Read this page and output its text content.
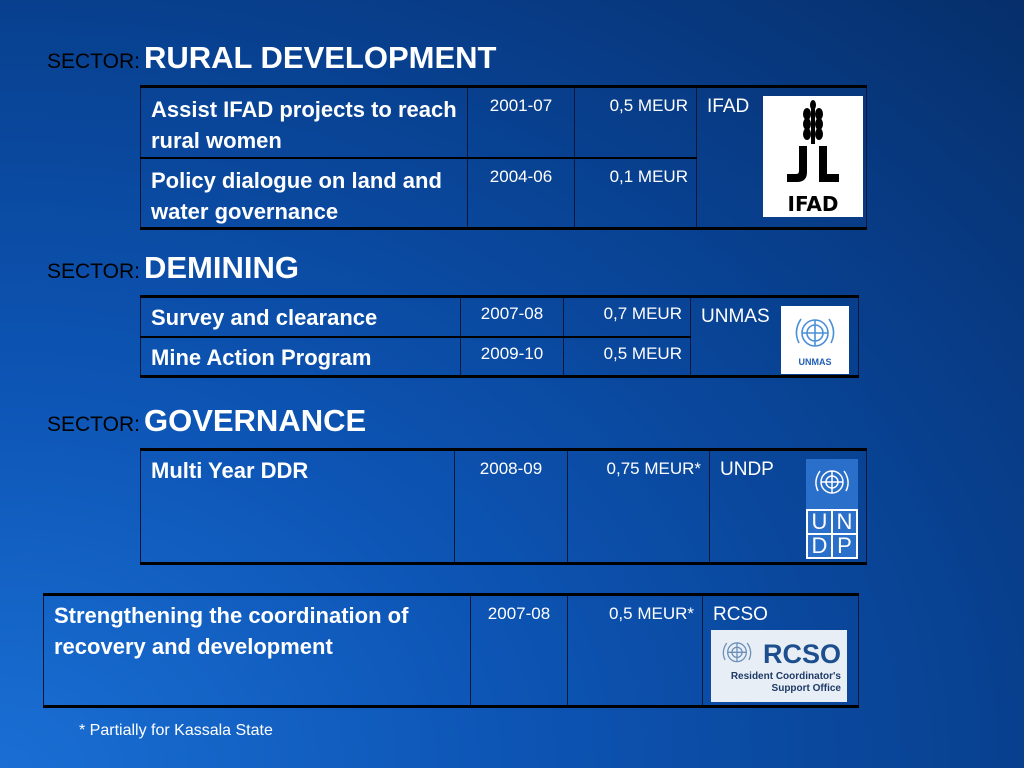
SECTOR: RURAL DEVELOPMENT
Assist IFAD projects to reach rural women	2001-07	0,5 MEUR	IFAD
IFAD

Policy dialogue on land and water governance	2004-06	0,1 MEUR	
SECTOR: DEMINING
Survey and clearance	2007-08	0,7 MEUR	UNMAS
UNMAS

Mine Action Program	2009-10	0,5 MEUR	
SECTOR: GOVERNANCE
Multi Year DDR	2008-09	0,75 MEUR*	UNDP
U N
D P
Strengthening the coordination of recovery and development	2007-08	0,5 MEUR*	RCSO
RCSO
Resident Coordinator's
Support Office
* Partially for Kassala State
